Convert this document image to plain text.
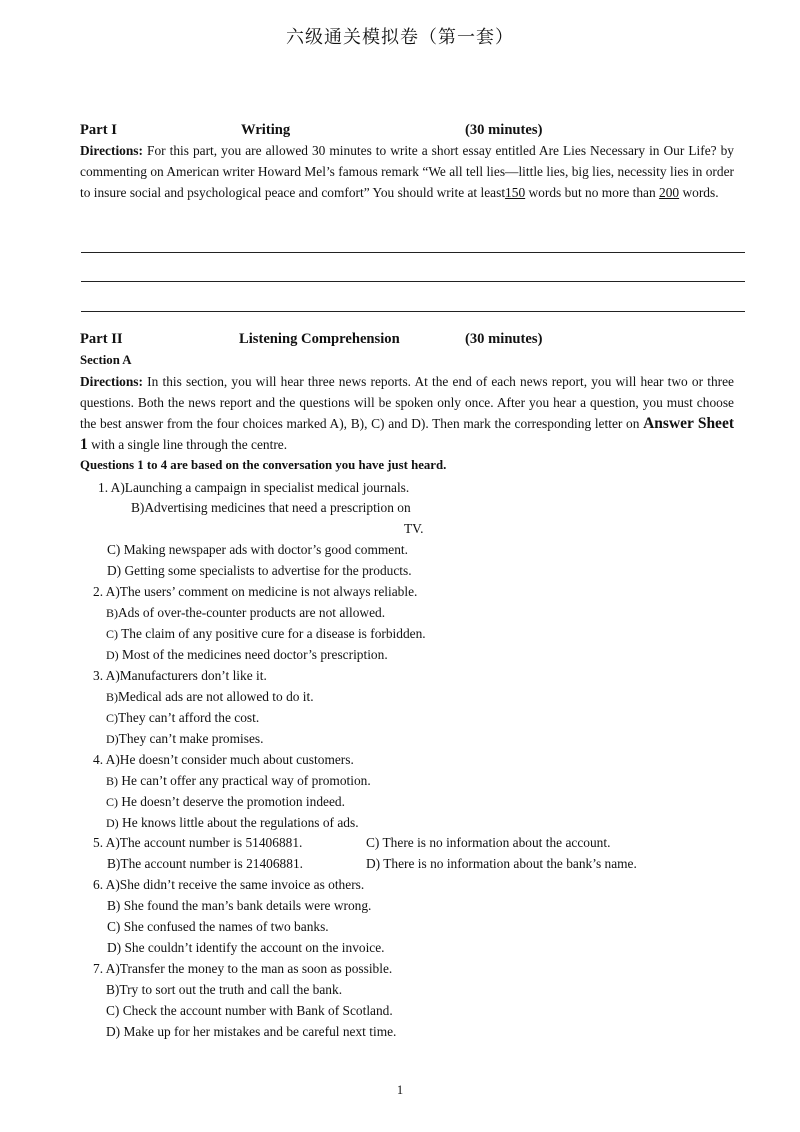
六级通关模拟卷（第一套）
Part I	Writing	(30 minutes)
Directions: For this part, you are allowed 30 minutes to write a short essay entitled Are Lies Necessary in Our Life? by commenting on American writer Howard Mel’s famous remark “We all tell lies—little lies, big lies, necessity lies in order to insure social and psychological peace and comfort” You should write at least150 words but no more than 200 words.
Part II	Listening Comprehension	(30 minutes)
Section A
Directions: In this section, you will hear three news reports. At the end of each news report, you will hear two or three questions. Both the news report and the questions will be spoken only once. After you hear a question, you must choose the best answer from the four choices marked A), B), C) and D). Then mark the corresponding letter on Answer Sheet 1 with a single line through the centre.
Questions 1 to 4 are based on the conversation you have just heard.
1. A)Launching a campaign in specialist medical journals.
B)Advertising medicines that need a prescription on
TV.
C) Making newspaper ads with doctor’s good comment.
D) Getting some specialists to advertise for the products.
2. A)The users’ comment on medicine is not always reliable.
B)Ads of over-the-counter products are not allowed.
C) The claim of any positive cure for a disease is forbidden.
D) Most of the medicines need doctor’s prescription.
3. A)Manufacturers don’t like it.
B)Medical ads are not allowed to do it.
C)They can’t afford the cost.
D)They can’t make promises.
4. A)He doesn’t consider much about customers.
B) He can’t offer any practical way of promotion.
C) He doesn’t deserve the promotion indeed.
D) He knows little about the regulations of ads.
5. A)The account number is 51406881.	C) There is no information about the account.
B)The account number is 21406881.	D) There is no information about the bank’s name.
6. A)She didn’t receive the same invoice as others.
B) She found the man’s bank details were wrong.
C) She confused the names of two banks.
D) She couldn’t identify the account on the invoice.
7. A)Transfer the money to the man as soon as possible.
B)Try to sort out the truth and call the bank.
C) Check the account number with Bank of Scotland.
D) Make up for her mistakes and be careful next time.
1
